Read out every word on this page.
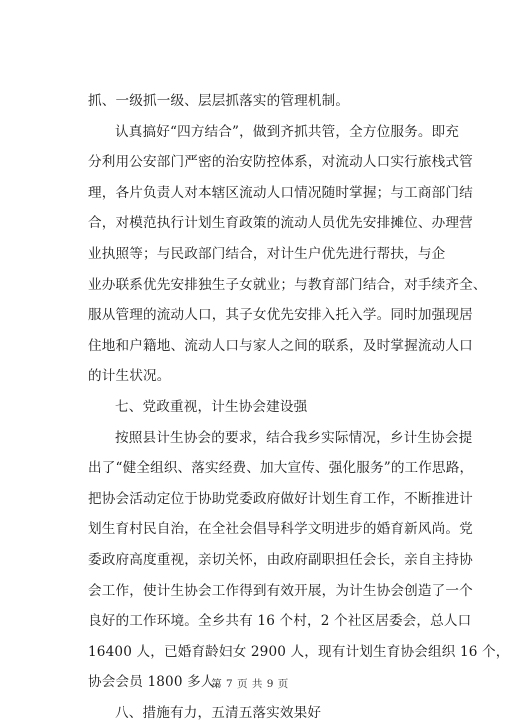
抓、一级抓一级、层层抓落实的管理机制。
认真搞好“四方结合”，做到齐抓共管，全方位服务。即充
分利用公安部门严密的治安防控体系，对流动人口实行旅栈式管
理，各片负责人对本辖区流动人口情况随时掌握；与工商部门结
合，对模范执行计划生育政策的流动人员优先安排摊位、办理营
业执照等；与民政部门结合，对计生户优先进行帮扶，与企
业办联系优先安排独生子女就业；与教育部门结合，对手续齐全、
服从管理的流动人口，其子女优先安排入托入学。同时加强现居
住地和户籍地、流动人口与家人之间的联系，及时掌握流动人口
的计生状况。
七、党政重视，计生协会建设强
按照县计生协会的要求，结合我乡实际情况，乡计生协会提
出了“健全组织、落实经费、加大宣传、强化服务”的工作思路，
把协会活动定位于协助党委政府做好计划生育工作，不断推进计
划生育村民自治，在全社会倡导科学文明进步的婚育新风尚。党
委政府高度重视，亲切关怀，由政府副职担任会长，亲自主持协
会工作，使计生协会工作得到有效开展，为计生协会创造了一个
良好的工作环境。全乡共有 16 个村，2 个社区居委会，总人口
16400 人，已婚育龄妇女 2900 人，现有计划生育协会组织 16 个，
协会会员 1800 多人。
八、措施有力，五清五落实效果好
第 7 页 共 9 页
